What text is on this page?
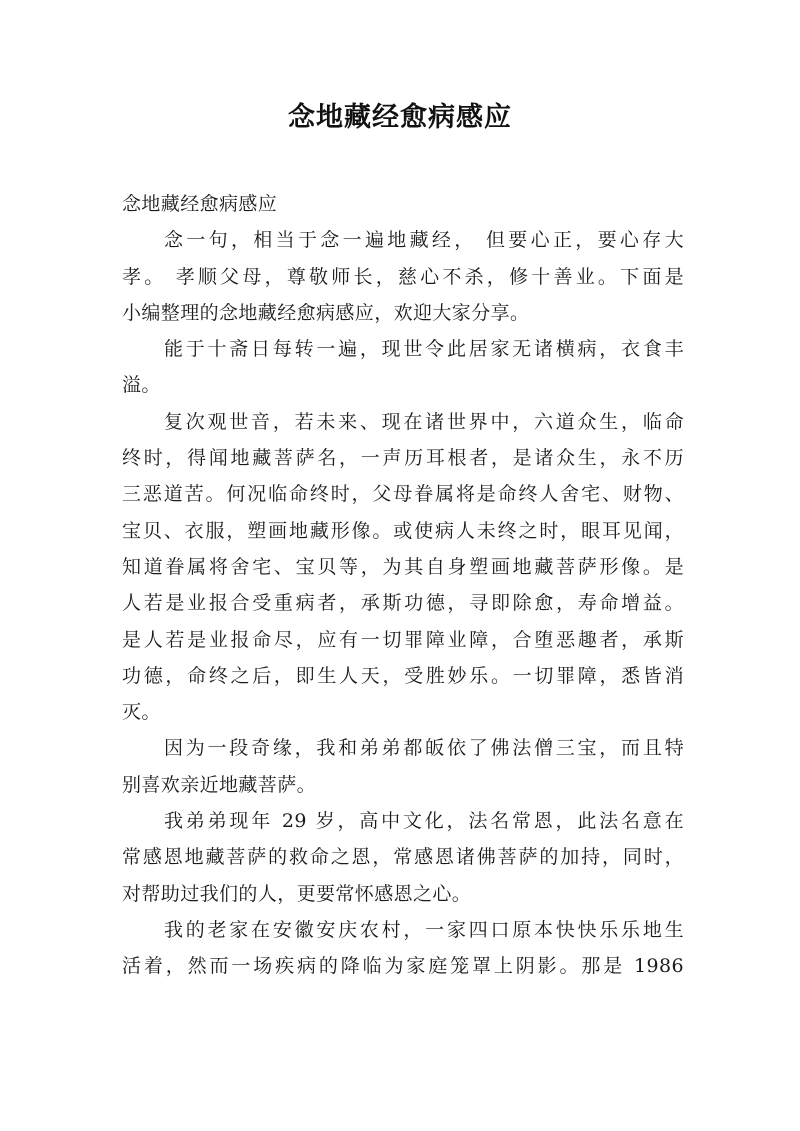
念地藏经愈病感应
念地藏经愈病感应
念一句，相当于念一遍地藏经， 但要心正，要心存大
孝。 孝顺父母，尊敬师长，慈心不杀，修十善业。下面是
小编整理的念地藏经愈病感应，欢迎大家分享。
能于十斋日每转一遍，现世令此居家无诸横病，衣食丰
溢。
复次观世音，若未来、现在诸世界中，六道众生，临命
终时，得闻地藏菩萨名，一声历耳根者，是诸众生，永不历
三恶道苦。何况临命终时，父母眷属将是命终人舍宅、财物、
宝贝、衣服，塑画地藏形像。或使病人未终之时，眼耳见闻，
知道眷属将舍宅、宝贝等，为其自身塑画地藏菩萨形像。是
人若是业报合受重病者，承斯功德，寻即除愈，寿命增益。
是人若是业报命尽，应有一切罪障业障，合堕恶趣者，承斯
功德，命终之后，即生人天，受胜妙乐。一切罪障，悉皆消
灭。
因为一段奇缘，我和弟弟都皈依了佛法僧三宝，而且特
别喜欢亲近地藏菩萨。
我弟弟现年 29 岁，高中文化，法名常恩，此法名意在
常感恩地藏菩萨的救命之恩，常感恩诸佛菩萨的加持，同时，
对帮助过我们的人，更要常怀感恩之心。
我的老家在安徽安庆农村，一家四口原本快快乐乐地生
活着，然而一场疾病的降临为家庭笼罩上阴影。那是 1986
